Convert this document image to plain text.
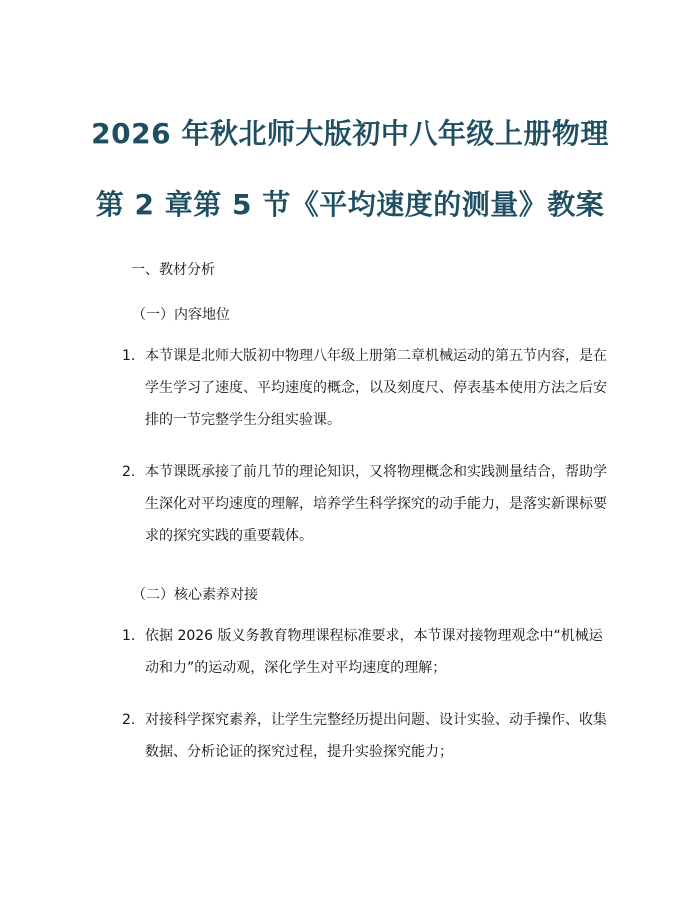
2026 年秋北师大版初中八年级上册物理
第 2 章第 5 节《平均速度的测量》教案
一、教材分析
（一）内容地位
1. 本节课是北师大版初中物理八年级上册第二章机械运动的第五节内容，是在
学生学习了速度、平均速度的概念，以及刻度尺、停表基本使用方法之后安
排的一节完整学生分组实验课。
2. 本节课既承接了前几节的理论知识，又将物理概念和实践测量结合，帮助学
生深化对平均速度的理解，培养学生科学探究的动手能力，是落实新课标要
求的探究实践的重要载体。
（二）核心素养对接
1. 依据 2026 版义务教育物理课程标准要求，本节课对接物理观念中“机械运
动和力”的运动观，深化学生对平均速度的理解；
2. 对接科学探究素养，让学生完整经历提出问题、设计实验、动手操作、收集
数据、分析论证的探究过程，提升实验探究能力；
